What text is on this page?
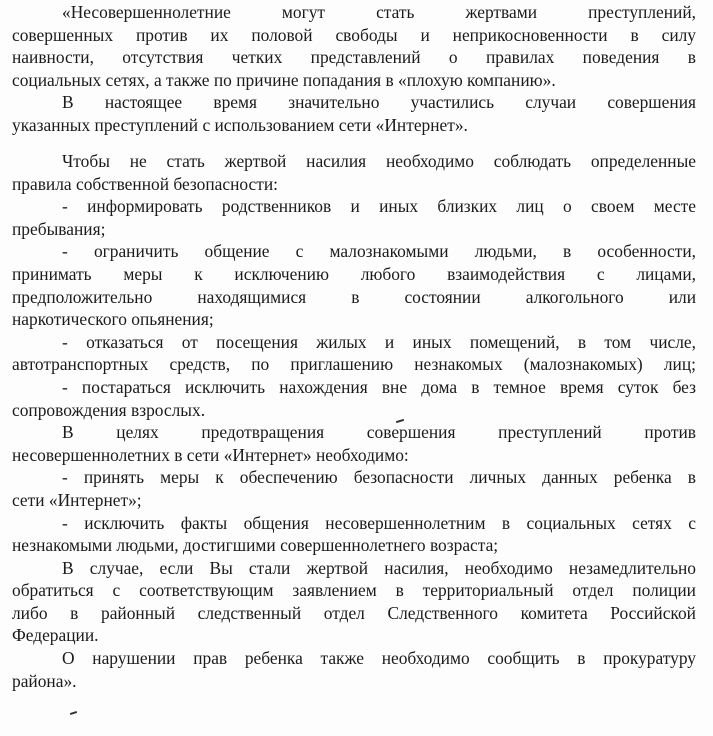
«Несовершеннолетние могут стать жертвами преступлений,
совершенных против их половой свободы и неприкосновенности в силу
наивности, отсутствия четких представлений о правилах поведения в
социальных сетях, а также по причине попадания в «плохую компанию».
В настоящее время значительно участились случаи совершения
указанных преступлений с использованием сети «Интернет».
Чтобы не стать жертвой насилия необходимо соблюдать определенные
правила собственной безопасности:
- информировать родственников и иных близких лиц о своем месте
пребывания;
- ограничить общение с малознакомыми людьми, в особенности,
принимать меры к исключению любого взаимодействия с лицами,
предположительно находящимися в состоянии алкогольного или
наркотического опьянения;
- отказаться от посещения жилых и иных помещений, в том числе,
автотранспортных средств, по приглашению незнакомых (малознакомых) лиц;
- постараться исключить нахождения вне дома в темное время суток без
сопровождения взрослых.
В целях предотвращения совершения преступлений против
несовершеннолетних в сети «Интернет» необходимо:
- принять меры к обеспечению безопасности личных данных ребенка в
сети «Интернет»;
- исключить факты общения несовершеннолетним в социальных сетях с
незнакомыми людьми, достигшими совершеннолетнего возраста;
В случае, если Вы стали жертвой насилия, необходимо незамедлительно
обратиться с соответствующим заявлением в территориальный отдел полиции
либо в районный следственный отдел Следственного комитета Российской
Федерации.
О нарушении прав ребенка также необходимо сообщить в прокуратуру
района».
